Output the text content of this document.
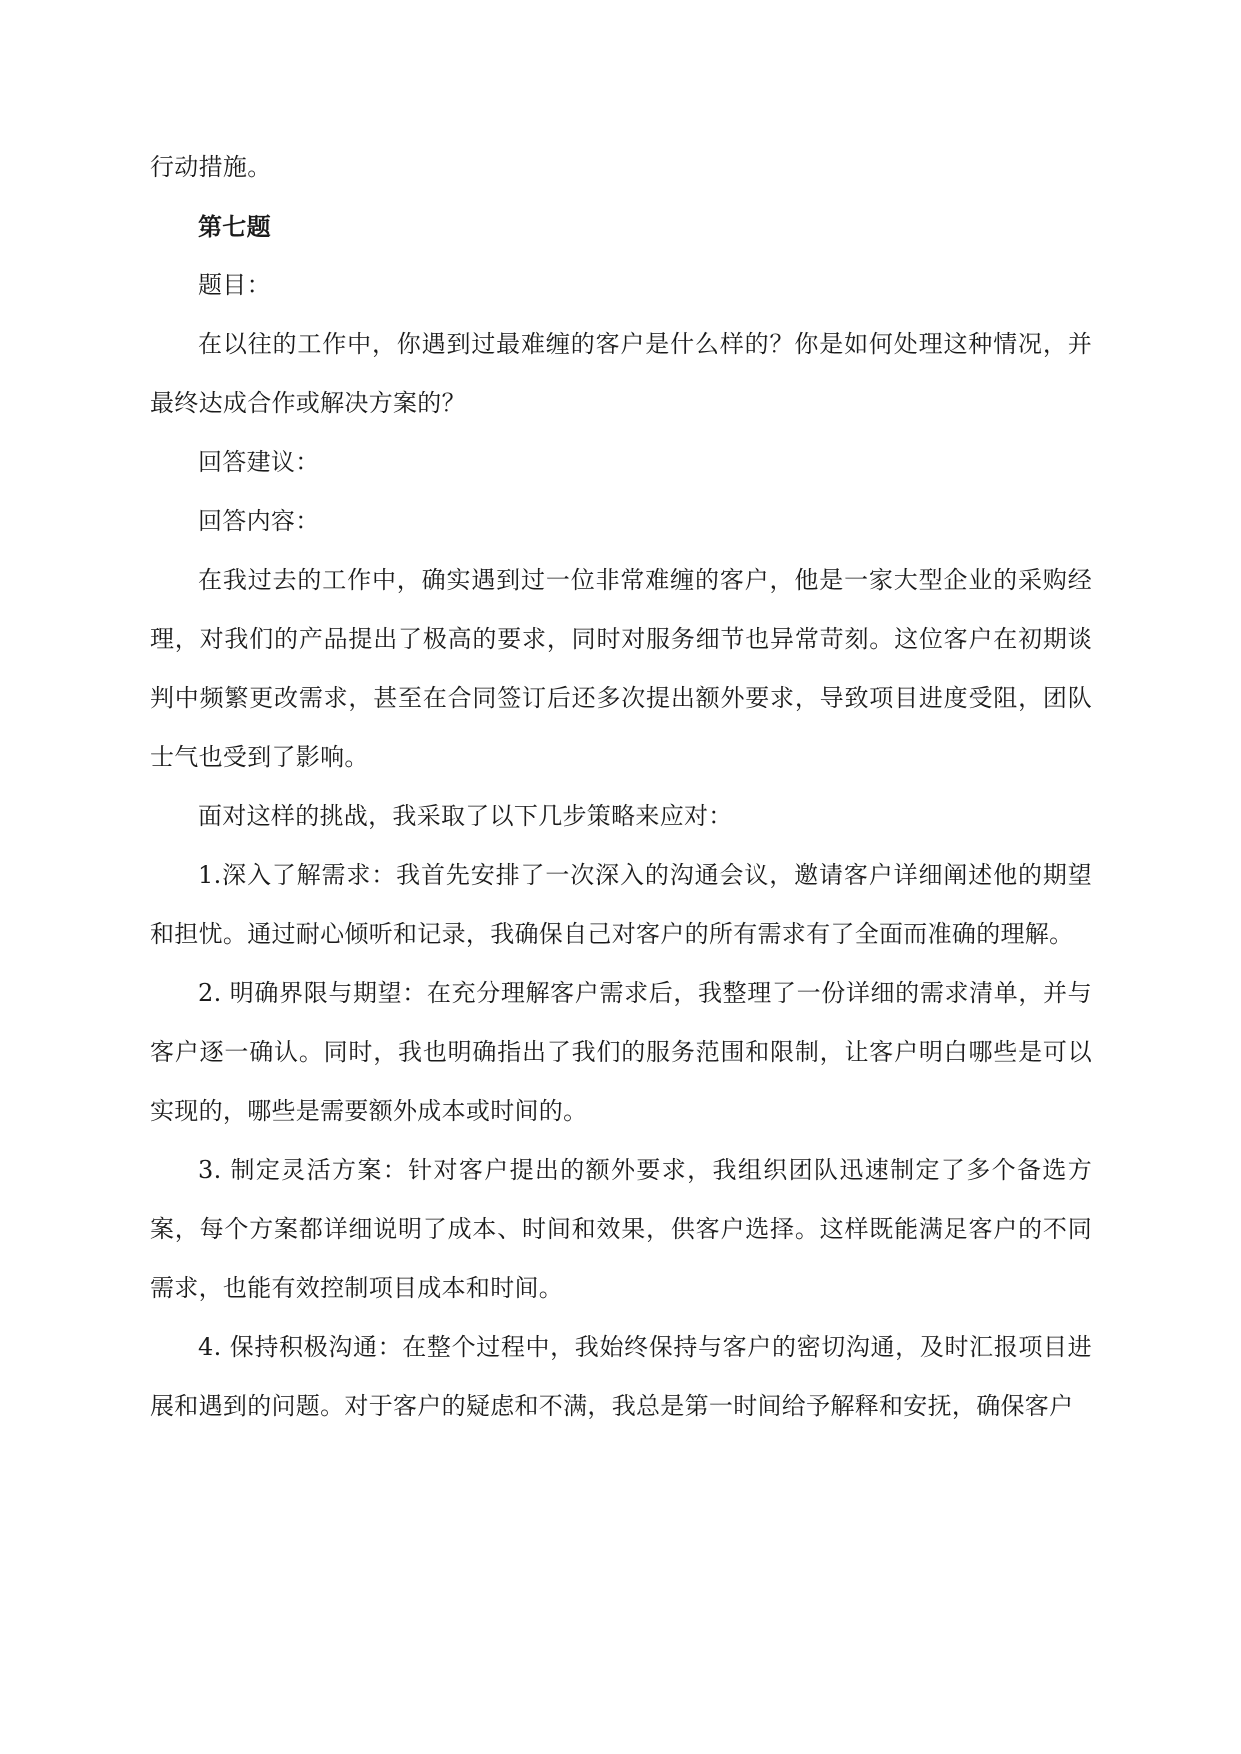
行动措施。

第七题

题目：

在以往的工作中，你遇到过最难缠的客户是什么样的？你是如何处理这种情况，并最终达成合作或解决方案的？

回答建议：

回答内容：

在我过去的工作中，确实遇到过一位非常难缠的客户，他是一家大型企业的采购经理，对我们的产品提出了极高的要求，同时对服务细节也异常苛刻。这位客户在初期谈判中频繁更改需求，甚至在合同签订后还多次提出额外要求，导致项目进度受阻，团队士气也受到了影响。

面对这样的挑战，我采取了以下几步策略来应对：

1.深入了解需求：我首先安排了一次深入的沟通会议，邀请客户详细阐述他的期望和担忧。通过耐心倾听和记录，我确保自己对客户的所有需求有了全面而准确的理解。

2. 明确界限与期望：在充分理解客户需求后，我整理了一份详细的需求清单，并与客户逐一确认。同时，我也明确指出了我们的服务范围和限制，让客户明白哪些是可以实现的，哪些是需要额外成本或时间的。

3. 制定灵活方案：针对客户提出的额外要求，我组织团队迅速制定了多个备选方案，每个方案都详细说明了成本、时间和效果，供客户选择。这样既能满足客户的不同需求，也能有效控制项目成本和时间。

4. 保持积极沟通：在整个过程中，我始终保持与客户的密切沟通，及时汇报项目进展和遇到的问题。对于客户的疑虑和不满，我总是第一时间给予解释和安抚，确保客户
